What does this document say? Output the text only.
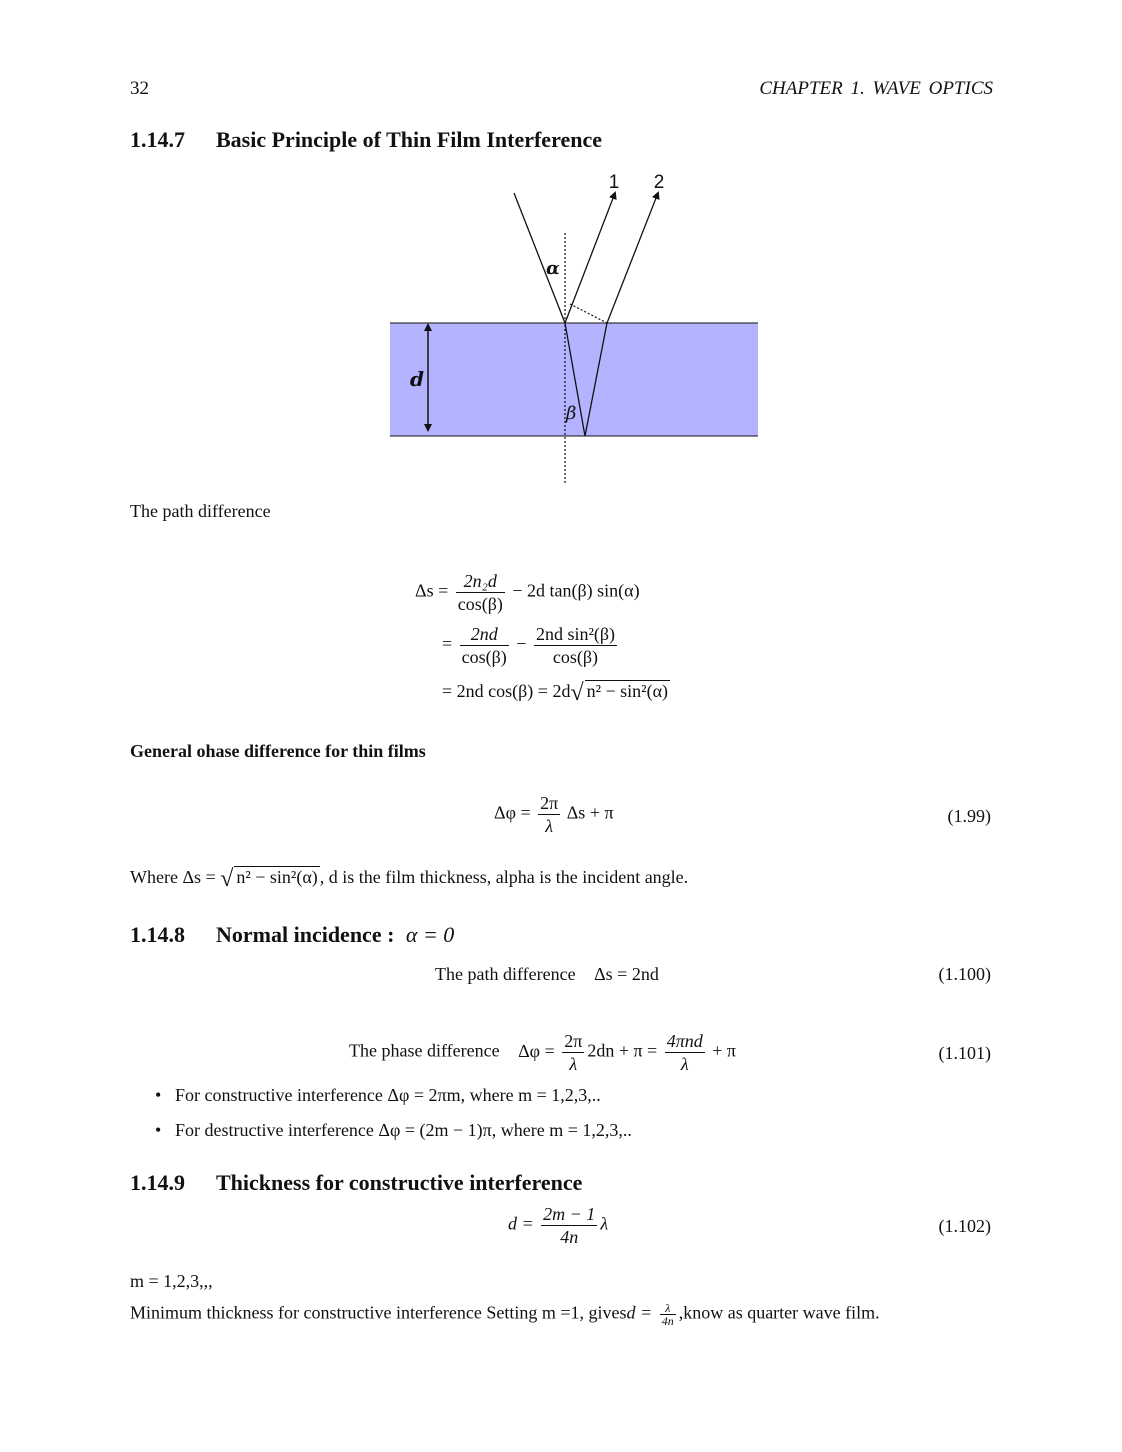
32	CHAPTER 1. WAVE OPTICS
1.14.7 Basic Principle of Thin Film Interference
1 2
α
β
d
The path difference
$\Delta s = \frac{\text{2n₂d}}{\cos(\beta)} - 2d$ tan(β) sin(α)
= $\frac{2nd}{\cos(\beta)} - \frac{\text{2nd sin²(β)}}{\cos(\beta)}$
= 2nd cos(β) = 2d√ n² − sin²(α)
General ohase difference for thin films
$\Delta\varphi = \frac{2\pi}{\lambda}$ Δs + π	(1.99)
Where Δs = √ n² − sin²(α) , d is the film thickness, alpha is the incident angle.
1.14.8 Normal incidence : α = 0
The path difference Δs = 2nd	(1.100)
The phase difference $\Delta\varphi = \frac{2\pi}{\lambda} 2dn + \pi = \frac{\text{4πnd}}{\lambda} + \pi$	(1.101)
• For constructive interference Δφ = 2πm, where m = 1,2,3,..
• For destructive interference Δφ = (2m − 1)π, where m = 1,2,3,..
1.14.9 Thickness for constructive interference
$d = \frac{2m - 1}{4n}$ λ	(1.102)
m = 1,2,3,,,
Minimum thickness for constructive interference Setting m =1, givesd = $\frac{\lambda}{4n}$ ,know as quarter wave film.
